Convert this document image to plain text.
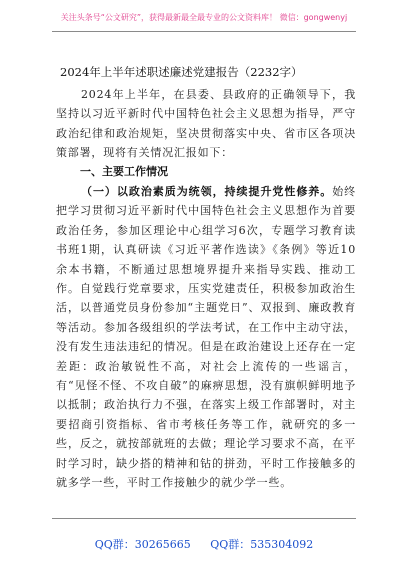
关注头条号“公文研究”，获得最新最全最专业的公文资料库！ 微信：gongwenyj
2024年上半年述职述廉述党建报告（2232字）
2024年上半年，在县委、县政府的正确领导下，我坚持以习近平新时代中国特色社会主义思想为指导，严守政治纪律和政治规矩，坚决贯彻落实中央、省市区各项决策部署，现将有关情况汇报如下：
一、主要工作情况
（一）以政治素质为统领，持续提升党性修养。始终把学习贯彻习近平新时代中国特色社会主义思想作为首要政治任务，参加区理论中心组学习6次，专题学习教育读书班1期，认真研读《习近平著作选读》《条例》等近10余本书籍，不断通过思想境界提升来指导实践、推动工作。自觉践行党章要求，压实党建责任，积极参加政治生活，以普通党员身份参加“主题党日”、双报到、廉政教育等活动。参加各级组织的学法考试，在工作中主动守法，没有发生违法违纪的情况。但是在政治建设上还存在一定差距：政治敏锐性不高，对社会上流传的一些谣言，有“见怪不怪、不攻自破”的麻痹思想，没有旗帜鲜明地予以抵制；政治执行力不强，在落实上级工作部署时，对主要招商引资指标、省市考核任务等工作，就研究的多一些，反之，就按部就班的去做；理论学习要求不高，在平时学习时，缺少搭的精神和钻的拼劲，平时工作接触多的就多学一些，平时工作接触少的就少学一些。
QQ群：30265665 QQ群：535304092
